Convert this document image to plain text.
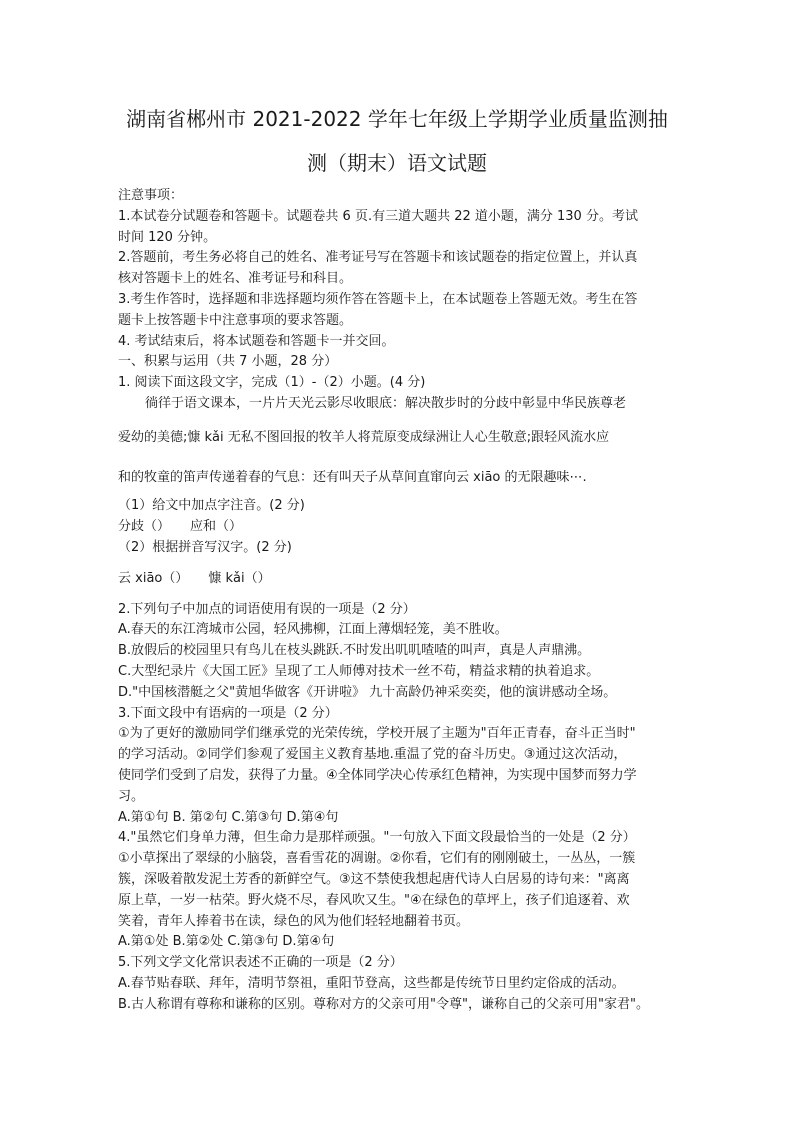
湖南省郴州市 2021-2022 学年七年级上学期学业质量监测抽
测（期末）语文试题
注意事项：
1.本试卷分试题卷和答题卡。试题卷共 6 页.有三道大题共 22 道小题，满分 130 分。考试
时间 120 分钟。
2.答题前，考生务必将自己的姓名、准考证号写在答题卡和该试题卷的指定位置上，并认真
核对答题卡上的姓名、准考证号和科目。
3.考生作答时，选择题和非选择题均须作答在答题卡上，在本试题卷上答题无效。考生在答
题卡上按答题卡中注意事项的要求答题。
4. 考试结束后，将本试题卷和答题卡一并交回。
一、积累与运用（共 7 小题，28 分）
1. 阅读下面这段文字，完成（1）-（2）小题。(4 分)
徜徉于语文课本，一片片天光云影尽收眼底：解决散步时的分歧中彰显中华民族尊老
爱幼的美德;慷 kǎi 无私不图回报的牧羊人将荒原变成绿洲让人心生敬意;跟轻风流水应
和的牧童的笛声传递着春的气息：还有叫天子从草间直窜向云 xiāo 的无限趣味⋯.
（1）给文中加点字注音。(2 分)
分歧（） 应和（）
（2）根据拼音写汉字。(2 分)
云 xiāo（） 慷 kǎi（）
2.下列句子中加点的词语使用有误的一项是（2 分）
A.春天的东江湾城市公园，轻风拂柳，江面上薄烟轻笼，美不胜收。
B.放假后的校园里只有鸟儿在枝头跳跃.不时发出叽叽喳喳的叫声，真是人声鼎沸。
C.大型纪录片《大国工匠》呈现了工人师傅对技术一丝不苟，精益求精的执着追求。
D."中国核潜艇之父"黄旭华做客《开讲啦》 九十高龄仍神采奕奕，他的演讲感动全场。
3.下面文段中有语病的一项是（2 分）
①为了更好的激励同学们继承党的光荣传统，学校开展了主题为"百年正青春，奋斗正当时"
的学习活动。②同学们参观了爱国主义教育基地.重温了党的奋斗历史。③通过这次活动，
使同学们受到了启发，获得了力量。④全体同学决心传承红色精神，为实现中国梦而努力学
习。
A.第①句 B. 第②句 C.第③句 D.第④句
4."虽然它们身单力薄，但生命力是那样顽强。"一句放入下面文段最恰当的一处是（2 分）
①小草探出了翠绿的小脑袋，喜看雪花的凋谢。②你看，它们有的刚刚破土，一丛丛，一簇
簇，深吸着散发泥土芳香的新鲜空气。③这不禁使我想起唐代诗人白居易的诗句来："离离
原上草，一岁一枯荣。野火烧不尽，春风吹又生。"④在绿色的草坪上，孩子们追逐着、欢
笑着，青年人捧着书在读，绿色的风为他们轻轻地翻着书页。
A.第①处 B.第②处 C.第③句 D.第④句
5.下列文学文化常识表述不正确的一项是（2 分）
A.春节贴春联、拜年，清明节祭祖，重阳节登高，这些都是传统节日里约定俗成的活动。
B.古人称谓有尊称和谦称的区别。尊称对方的父亲可用"令尊"，谦称自己的父亲可用"家君"。
